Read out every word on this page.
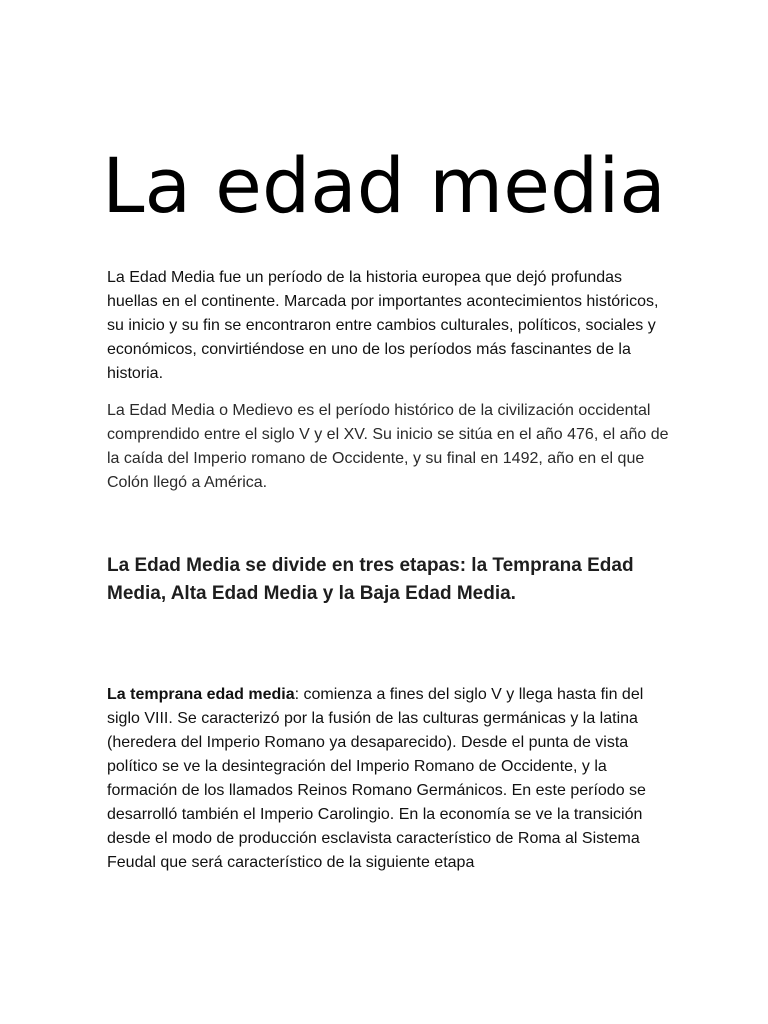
La edad media

La Edad Media fue un período de la historia europea que dejó profundas huellas en el continente. Marcada por importantes acontecimientos históricos, su inicio y su fin se encontraron entre cambios culturales, políticos, sociales y económicos, convirtiéndose en uno de los períodos más fascinantes de la historia.

La Edad Media o Medievo es el período histórico de la civilización occidental comprendido entre el siglo V y el XV. Su inicio se sitúa en el año 476, el año de la caída del Imperio romano de Occidente, y su final en 1492, año en el que Colón llegó a América.

La Edad Media se divide en tres etapas: la Temprana Edad Media, Alta Edad Media y la Baja Edad Media.

La temprana edad media: comienza a fines del siglo V y llega hasta fin del siglo VIII. Se caracterizó por la fusión de las culturas germánicas y la latina (heredera del Imperio Romano ya desaparecido). Desde el punta de vista político se ve la desintegración del Imperio Romano de Occidente, y la formación de los llamados Reinos Romano Germánicos. En este período se desarrolló también el Imperio Carolingio. En la economía se ve la transición desde el modo de producción esclavista característico de Roma al Sistema Feudal que será característico de la siguiente etapa
